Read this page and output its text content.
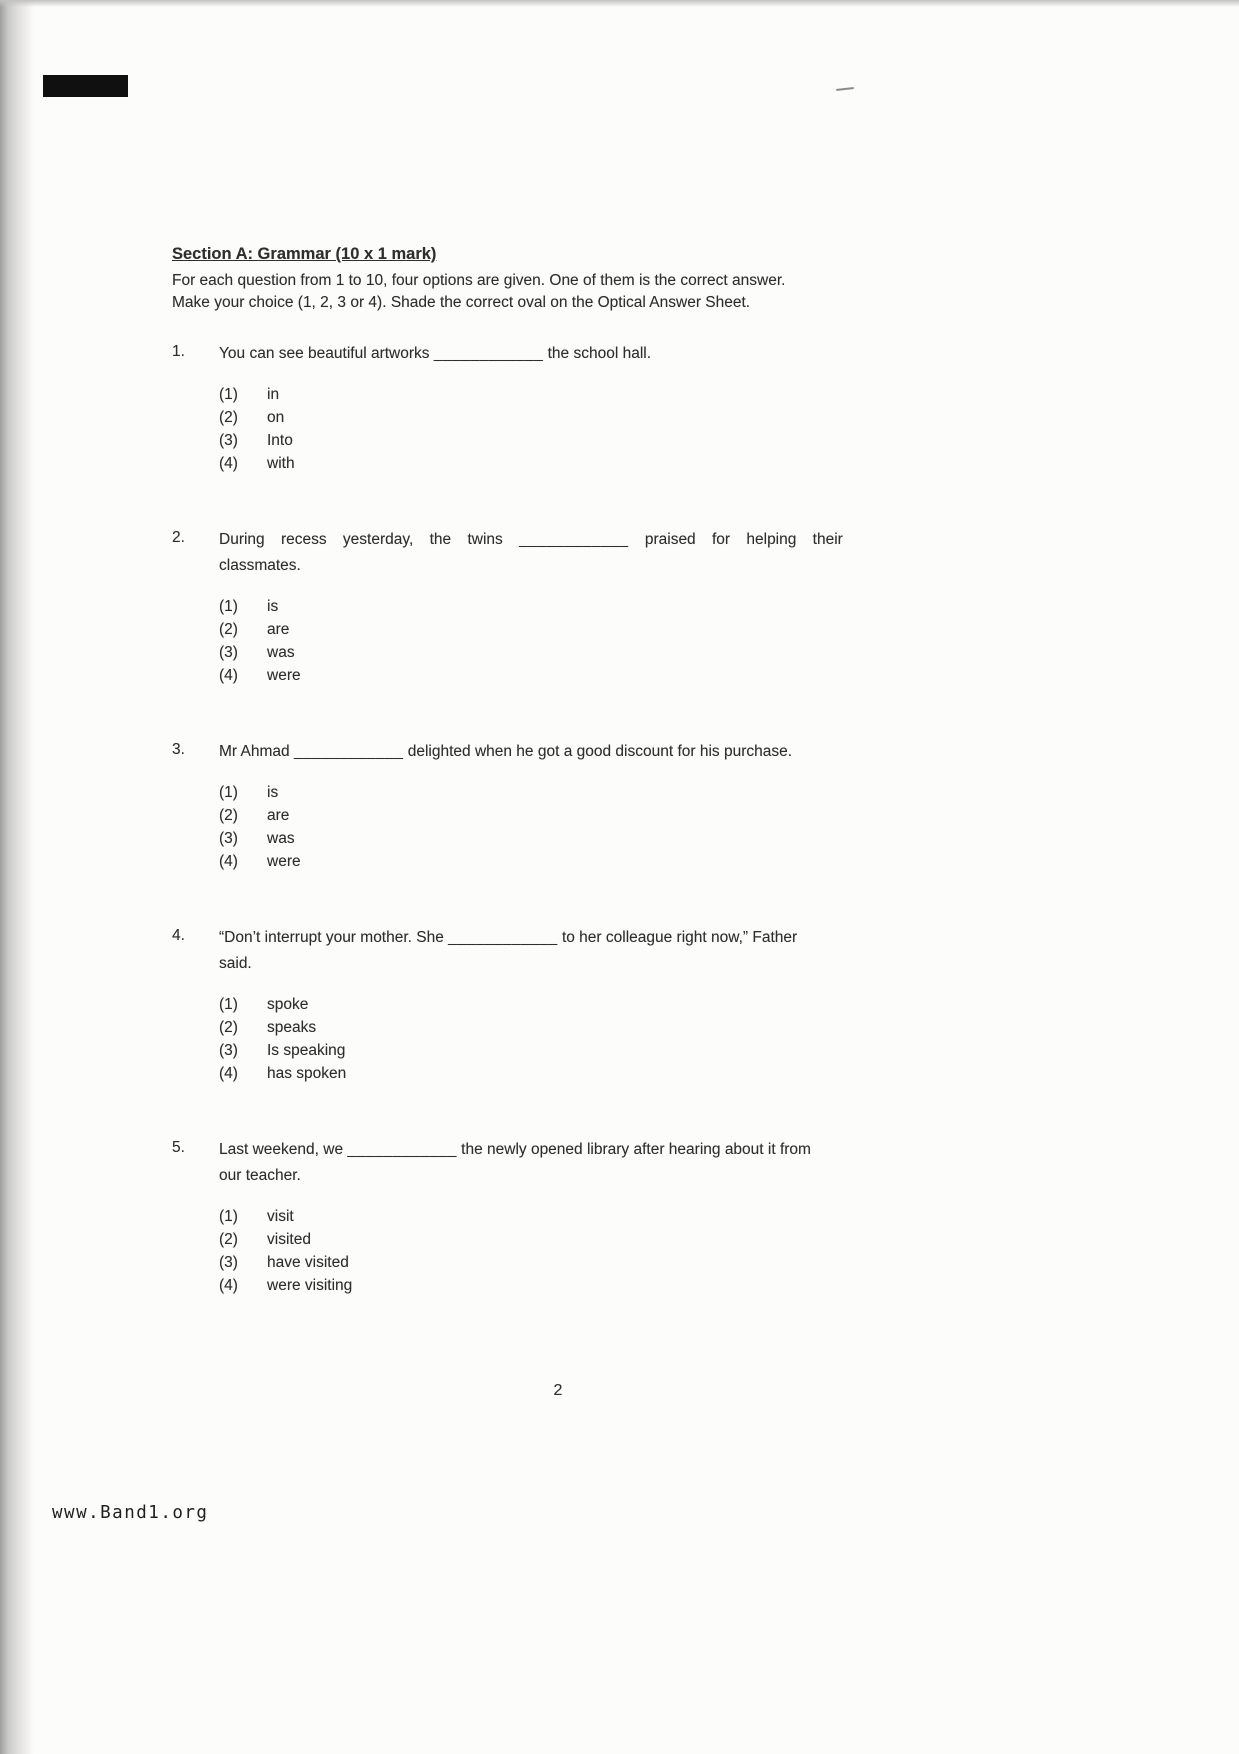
Section A: Grammar (10 x 1 mark)

For each question from 1 to 10, four options are given. One of them is the correct answer.
Make your choice (1, 2, 3 or 4). Shade the correct oval on the Optical Answer Sheet.

1.	You can see beautiful artworks ____________ the school hall.

(1)	in
(2)	on
(3)	Into
(4)	with
2.	During recess yesterday, the twins ____________ praised for helping their
classmates.

(1)	is
(2)	are
(3)	was
(4)	were
3.	Mr Ahmad ____________ delighted when he got a good discount for his purchase.

(1)	is
(2)	are
(3)	was
(4)	were
4.	“Don’t interrupt your mother. She ____________ to her colleague right now,” Father
said.

(1)	spoke
(2)	speaks
(3)	Is speaking
(4)	has spoken
5.	Last weekend, we ____________ the newly opened library after hearing about it from
our teacher.

(1)	visit
(2)	visited
(3)	have visited
(4)	were visiting
2
www.Band1.org
